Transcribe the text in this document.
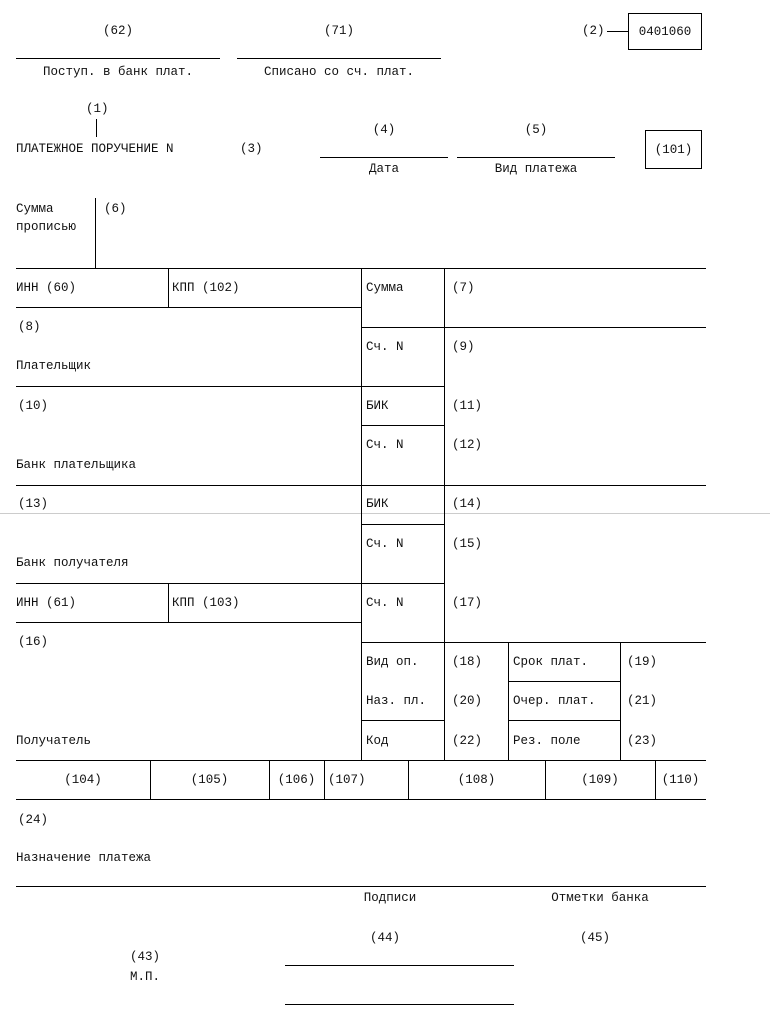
(62)
Поступ. в банк плат.
(71)
Списано со сч. плат.
(2)	0401060
(1)
ПЛАТЕЖНОЕ ПОРУЧЕНИЕ N	(3)
(4)
Дата
(5)
Вид платежа
(101)
Сумма
прописью
(6)
ИНН (60)	КПП (102)	Сумма	(7)
(8)
Плательщик
Сч. N	(9)
(10)
Банк плательщика
БИК	(11)
Сч. N	(12)
(13)
Банк получателя
БИК	(14)
Сч. N	(15)
ИНН (61)	КПП (103)	Сч. N	(17)
(16)
Получатель
Вид оп.	(18) Срок плат.	(19)
Наз. пл. (20) Очер. плат.	(21)
Код	(22) Рез. поле	(23)
(104)	(105)	(106)	(107)	(108)	(109)	(110)
(24)
Назначение платежа
Подписи	Отметки банка
(43)
М.П.
(44)	(45)
